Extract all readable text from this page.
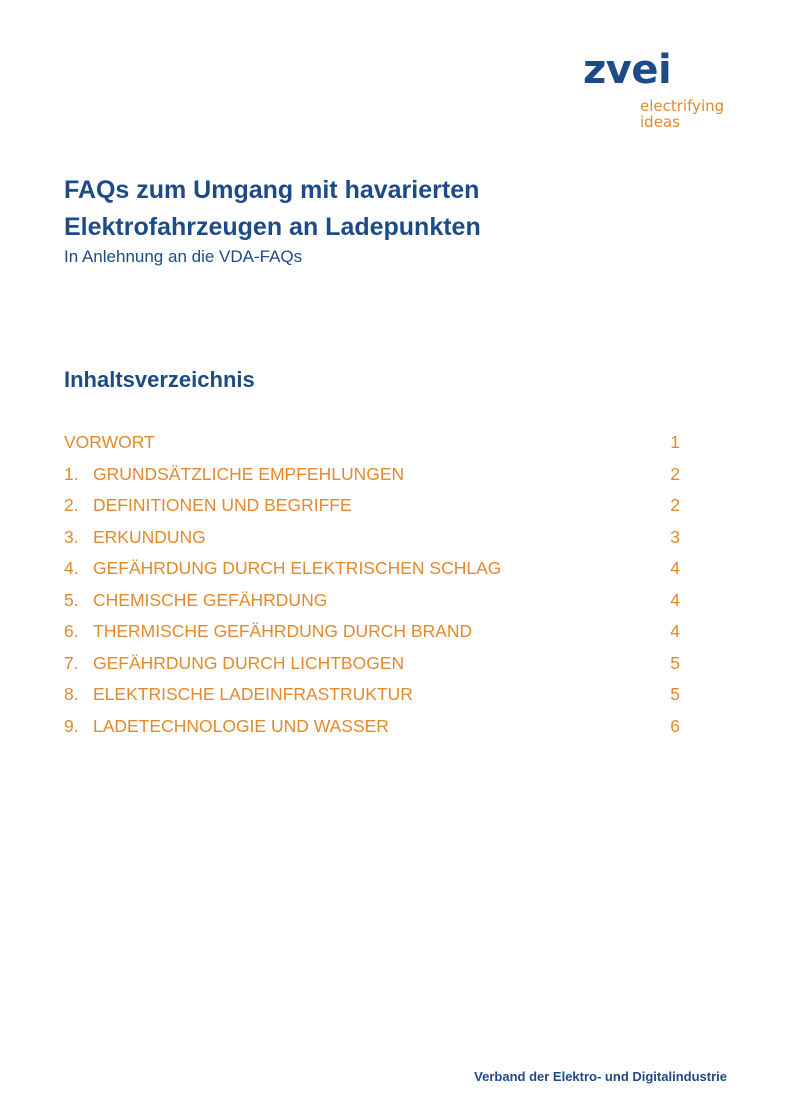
zvei
electrifying
ideas
FAQs zum Umgang mit havarierten
Elektrofahrzeugen an Ladepunkten

In Anlehnung an die VDA-FAQs

Inhaltsverzeichnis
VORWORT	1
1. GRUNDSÄTZLICHE EMPFEHLUNGEN	2
2. DEFINITIONEN UND BEGRIFFE	2
3. ERKUNDUNG	3
4. GEFÄHRDUNG DURCH ELEKTRISCHEN SCHLAG	4
5. CHEMISCHE GEFÄHRDUNG	4
6. THERMISCHE GEFÄHRDUNG DURCH BRAND	4
7. GEFÄHRDUNG DURCH LICHTBOGEN	5
8. ELEKTRISCHE LADEINFRASTRUKTUR	5
9. LADETECHNOLOGIE UND WASSER	6

Verband der Elektro- und Digitalindustrie
